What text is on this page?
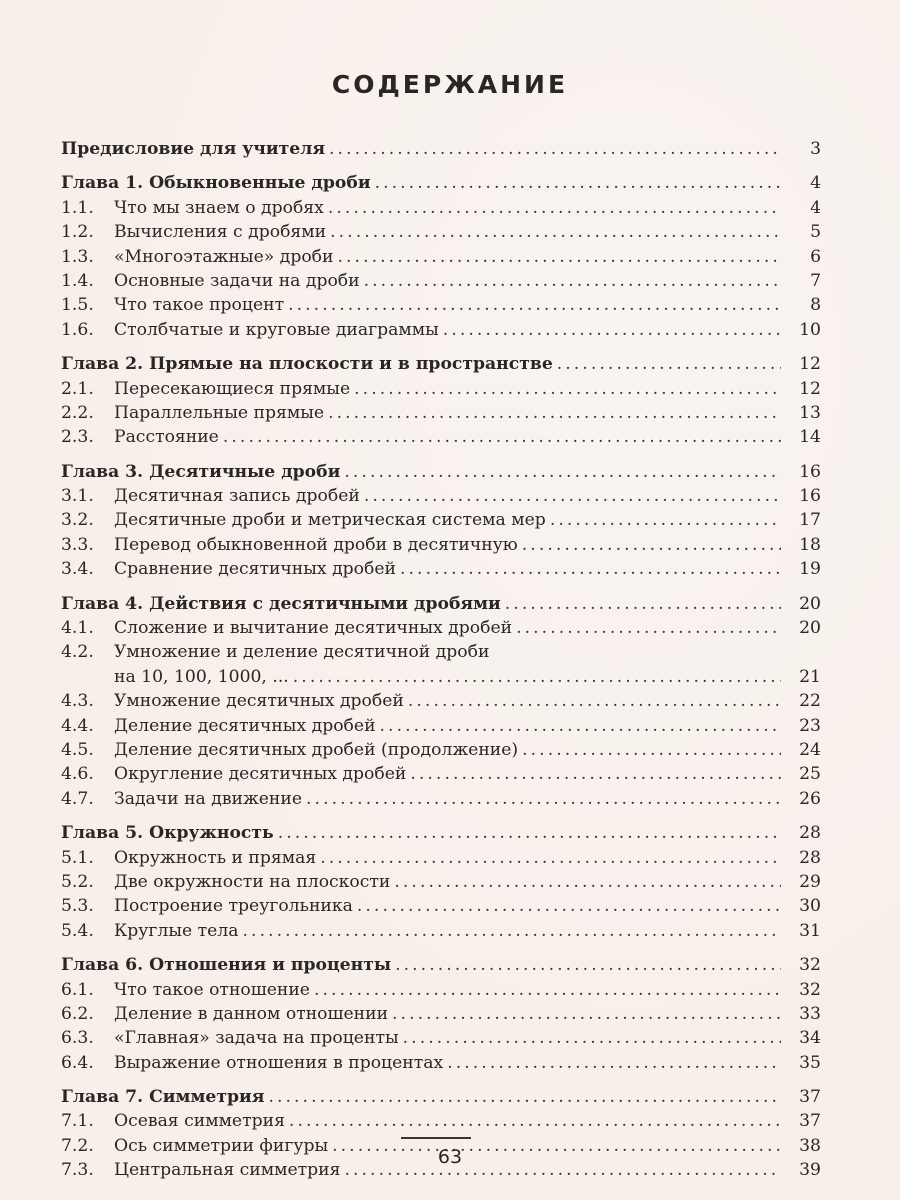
СОДЕРЖАНИЕ
Предисловие для учителя . . .	3
Глава 1. Обыкновенные дроби . . .	4
1.1.	Что мы знаем о дробях . . .	4
1.2.	Вычисления с дробями . . .	5
1.3.	«Многоэтажные» дроби . . .	6
1.4.	Основные задачи на дроби . . .	7
1.5.	Что такое процент . . .	8
1.6.	Столбчатые и круговые диаграммы . . .	10
Глава 2. Прямые на плоскости и в пространстве . . .	12
2.1.	Пересекающиеся прямые . . .	12
2.2.	Параллельные прямые . . .	13
2.3.	Расстояние . . .	14
Глава 3. Десятичные дроби . . .	16
3.1.	Десятичная запись дробей . . .	16
3.2.	Десятичные дроби и метрическая система мер . . .	17
3.3.	Перевод обыкновенной дроби в десятичную . . .	18
3.4.	Сравнение десятичных дробей . . .	19
Глава 4. Действия с десятичными дробями . . .	20
4.1.	Сложение и вычитание десятичных дробей . . .	20
4.2.	Умножение и деление десятичной дроби
на 10, 100, 1000, ... . . .	21
4.3.	Умножение десятичных дробей . . .	22
4.4.	Деление десятичных дробей . . .	23
4.5.	Деление десятичных дробей (продолжение) . . .	24
4.6.	Округление десятичных дробей . . .	25
4.7.	Задачи на движение . . .	26
Глава 5. Окружность . . .	28
5.1.	Окружность и прямая . . .	28
5.2.	Две окружности на плоскости . . .	29
5.3.	Построение треугольника . . .	30
5.4.	Круглые тела . . .	31
Глава 6. Отношения и проценты . . .	32
6.1.	Что такое отношение . . .	32
6.2.	Деление в данном отношении . . .	33
6.3.	«Главная» задача на проценты . . .	34
6.4.	Выражение отношения в процентах . . .	35
Глава 7. Симметрия . . .	37
7.1.	Осевая симметрия . . .	37
7.2.	Ось симметрии фигуры . . .	38
7.3.	Центральная симметрия . . .	39
63
